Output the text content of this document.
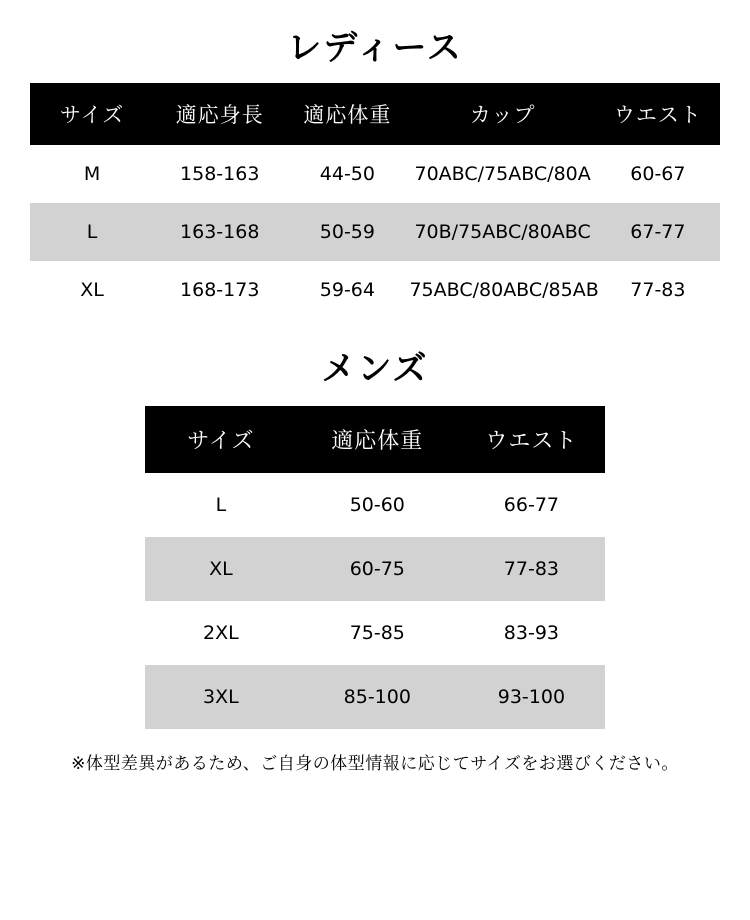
レディース
サイズ	適応身長	適応体重	カップ	ウエスト
M	158-163	44-50	70ABC/75ABC/80A	60-67
L	163-168	50-59	70B/75ABC/80ABC	67-77
XL	168-173	59-64	75ABC/80ABC/85AB	77-83
メンズ
サイズ	適応体重	ウエスト
L	50-60	66-77
XL	60-75	77-83
2XL	75-85	83-93
3XL	85-100	93-100
※体型差異があるため、ご自身の体型情報に応じてサイズをお選びください。
